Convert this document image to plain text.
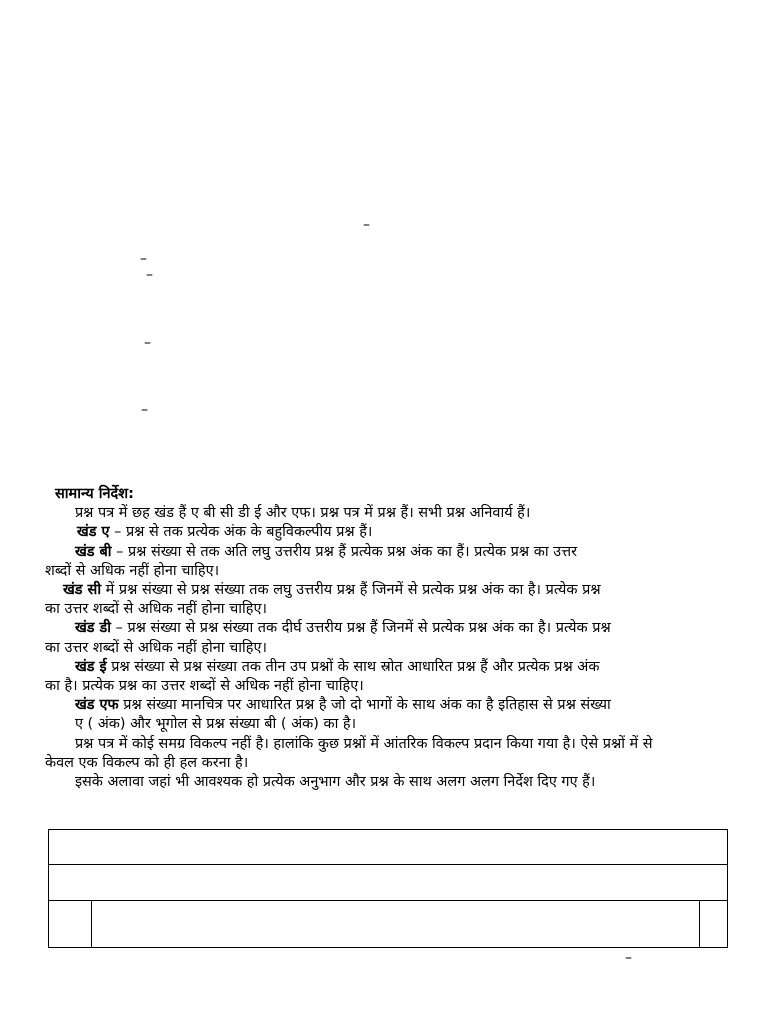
–
–
–
–
–
–
सामान्य निर्देश:
प्रश्न पत्र में छह खंड हैं ए बी सी डी ई और एफ। प्रश्न पत्र में प्रश्न हैं। सभी प्रश्न अनिवार्य हैं।
खंड ए – प्रश्न से तक प्रत्येक अंक के बहुविकल्पीय प्रश्न हैं।
खंड बी – प्रश्न संख्या से तक अति लघु उत्तरीय प्रश्न हैं प्रत्येक प्रश्न अंक का हैं। प्रत्येक प्रश्न का उत्तर
शब्दों से अधिक नहीं होना चाहिए।
खंड सी में प्रश्न संख्या से प्रश्न संख्या तक लघु उत्तरीय प्रश्न हैं जिनमें से प्रत्येक प्रश्न अंक का है। प्रत्येक प्रश्न
का उत्तर शब्दों से अधिक नहीं होना चाहिए।
खंड डी – प्रश्न संख्या से प्रश्न संख्या तक दीर्घ उत्तरीय प्रश्न हैं जिनमें से प्रत्येक प्रश्न अंक का है। प्रत्येक प्रश्न
का उत्तर शब्दों से अधिक नहीं होना चाहिए।
खंड ई प्रश्न संख्या से प्रश्न संख्या तक तीन उप प्रश्नों के साथ स्रोत आधारित प्रश्न हैं और प्रत्येक प्रश्न अंक
का है। प्रत्येक प्रश्न का उत्तर शब्दों से अधिक नहीं होना चाहिए।
खंड एफ प्रश्न संख्या मानचित्र पर आधारित प्रश्न है जो दो भागों के साथ अंक का है इतिहास से प्रश्न संख्या
ए ( अंक) और भूगोल से प्रश्न संख्या बी ( अंक) का है।
प्रश्न पत्र में कोई समग्र विकल्प नहीं है। हालांकि कुछ प्रश्नों में आंतरिक विकल्प प्रदान किया गया है। ऐसे प्रश्नों में से
केवल एक विकल्प को ही हल करना है।
इसके अलावा जहां भी आवश्यक हो प्रत्येक अनुभाग और प्रश्न के साथ अलग अलग निर्देश दिए गए हैं।
